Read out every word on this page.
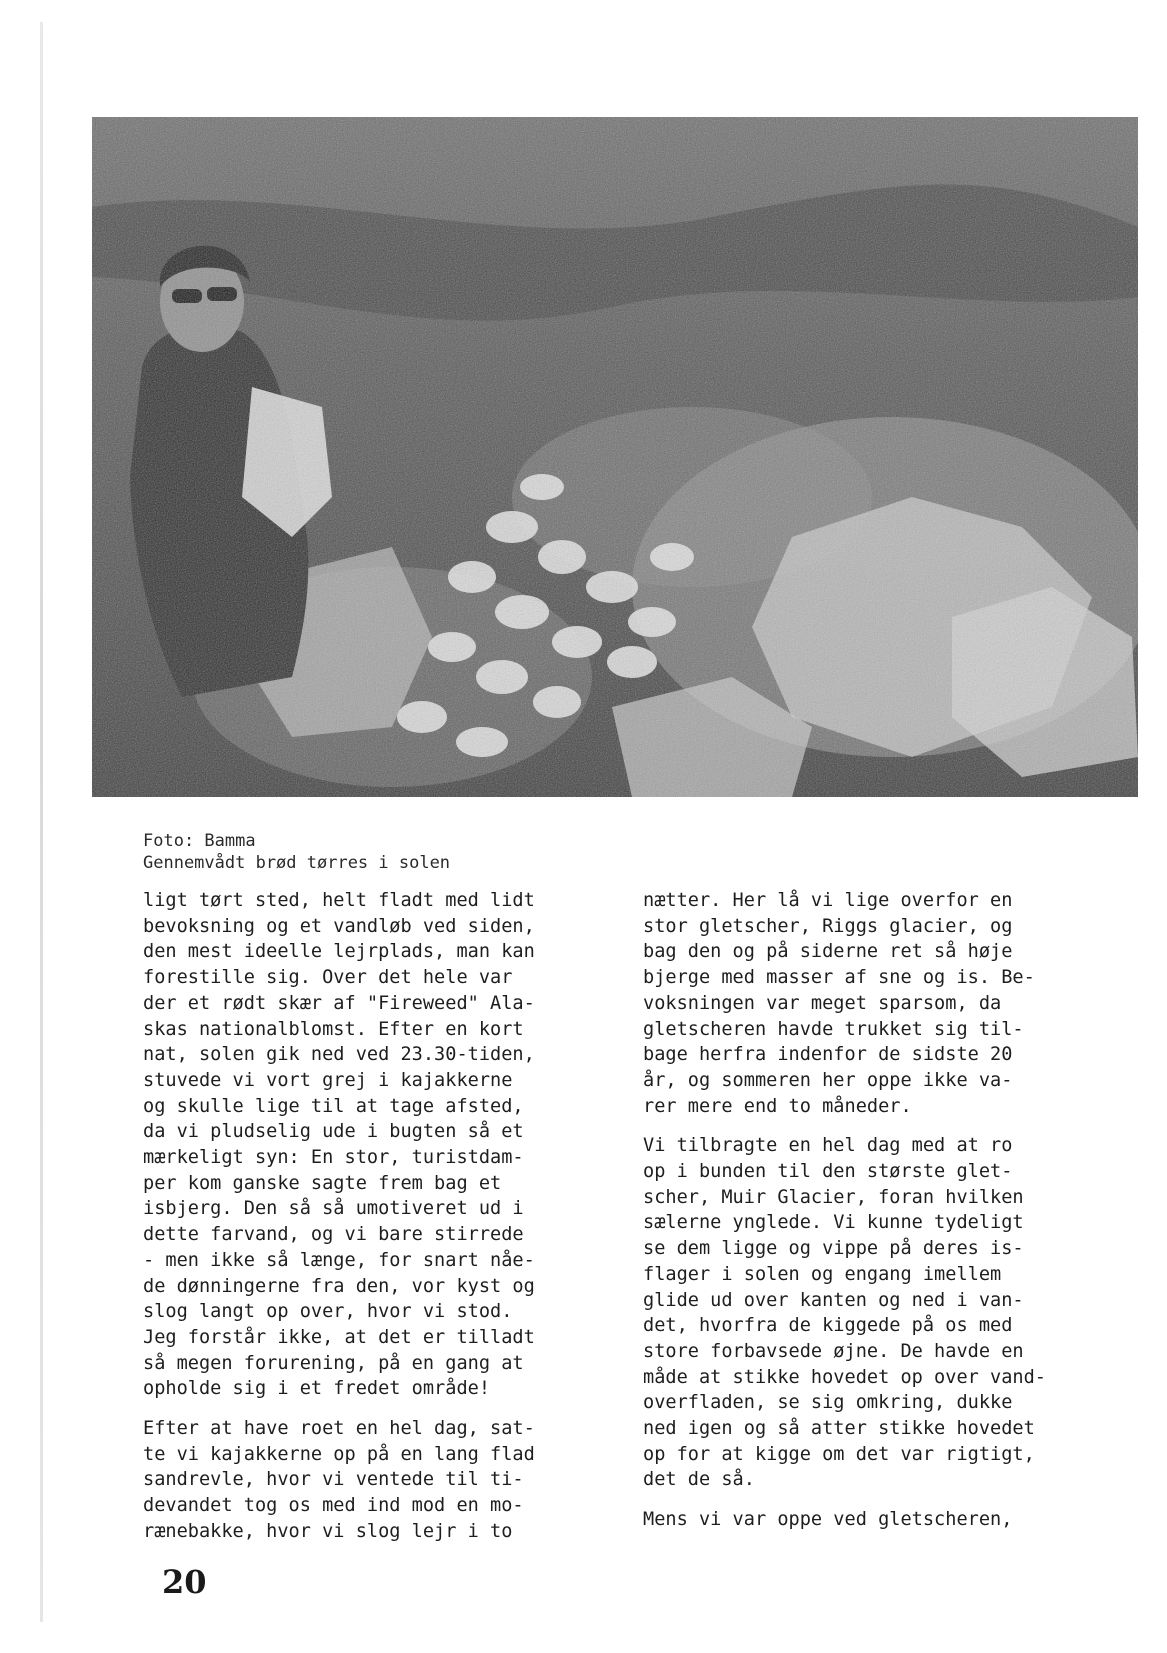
Foto: Bamma
Gennemvådt brød tørres i solen
ligt tørt sted, helt fladt med lidt
bevoksning og et vandløb ved siden,
den mest ideelle lejrplads, man kan
forestille sig. Over det hele var
der et rødt skær af "Fireweed" Ala-
skas nationalblomst. Efter en kort
nat, solen gik ned ved 23.30-tiden,
stuvede vi vort grej i kajakkerne
og skulle lige til at tage afsted,
da vi pludselig ude i bugten så et
mærkeligt syn: En stor, turistdam-
per kom ganske sagte frem bag et
isbjerg. Den så så umotiveret ud i
dette farvand, og vi bare stirrede
- men ikke så længe, for snart nåe-
de dønningerne fra den, vor kyst og
slog langt op over, hvor vi stod.
Jeg forstår ikke, at det er tilladt
så megen forurening, på en gang at
opholde sig i et fredet område!
Efter at have roet en hel dag, sat-
te vi kajakkerne op på en lang flad
sandrevle, hvor vi ventede til ti-
devandet tog os med ind mod en mo-
rænebakke, hvor vi slog lejr i to
nætter. Her lå vi lige overfor en
stor gletscher, Riggs glacier, og
bag den og på siderne ret så høje
bjerge med masser af sne og is. Be-
voksningen var meget sparsom, da
gletscheren havde trukket sig til-
bage herfra indenfor de sidste 20
år, og sommeren her oppe ikke va-
rer mere end to måneder.
Vi tilbragte en hel dag med at ro
op i bunden til den største glet-
scher, Muir Glacier, foran hvilken
sælerne ynglede. Vi kunne tydeligt
se dem ligge og vippe på deres is-
flager i solen og engang imellem
glide ud over kanten og ned i van-
det, hvorfra de kiggede på os med
store forbavsede øjne. De havde en
måde at stikke hovedet op over vand-
overfladen, se sig omkring, dukke
ned igen og så atter stikke hovedet
op for at kigge om det var rigtigt,
det de så.
Mens vi var oppe ved gletscheren,
20
